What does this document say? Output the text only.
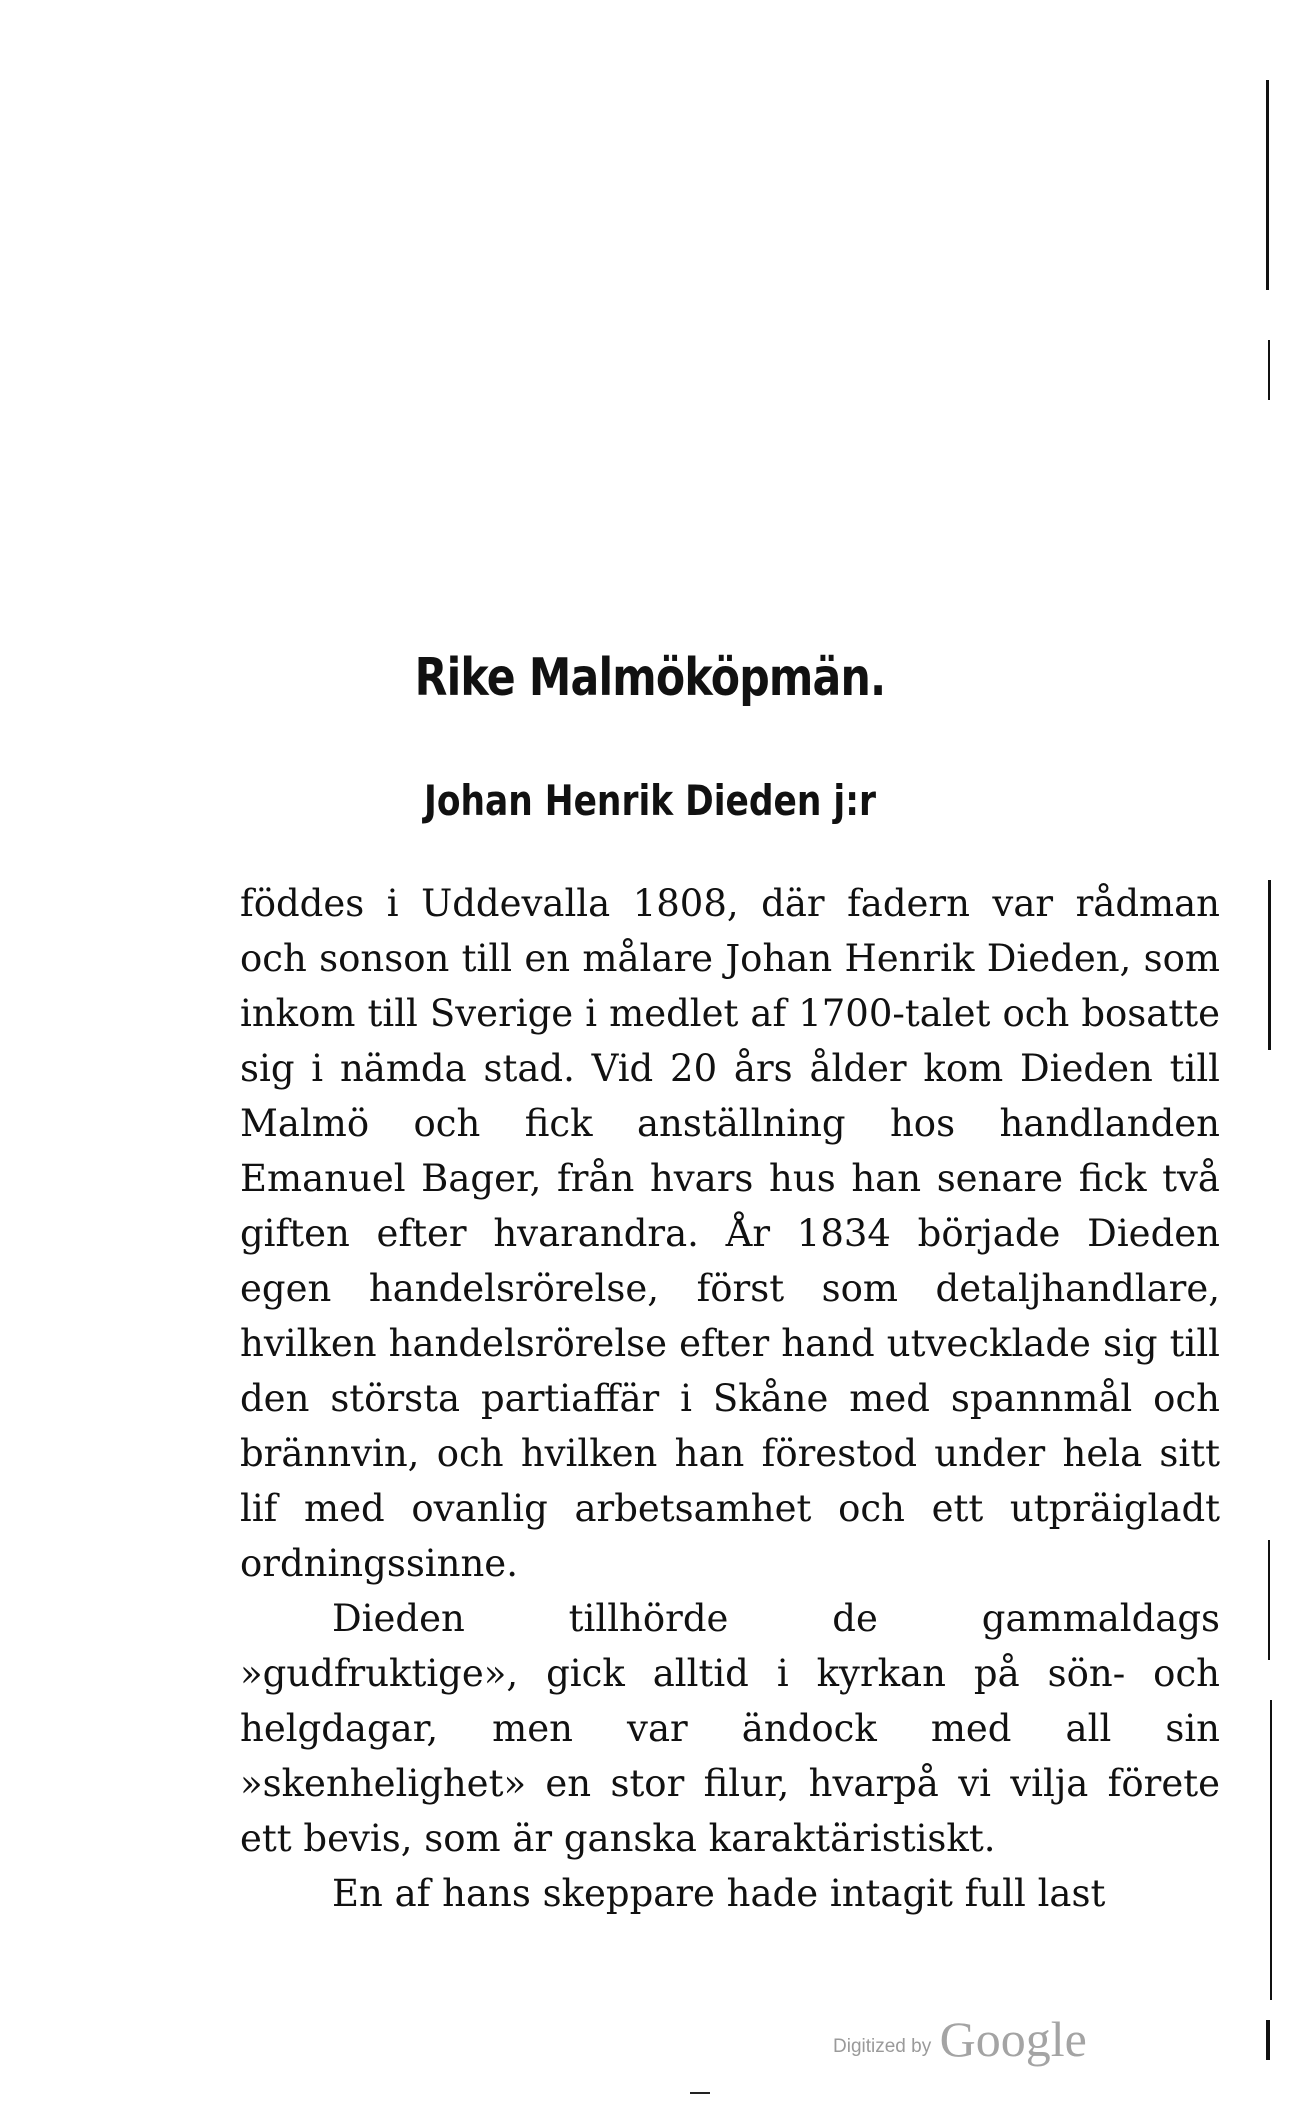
Rike Malmököpmän.
Johan Henrik Dieden j:r

föddes i Uddevalla 1808, där fadern var rådman och sonson till en målare Johan Henrik Dieden, som inkom till Sverige i medlet af 1700-talet och bosatte sig i nämda stad. Vid 20 års ålder kom Dieden till Malmö och fick anställning hos handlanden Emanuel Bager, från hvars hus han senare fick två giften efter hvarandra. År 1834 började Dieden egen handelsrörelse, först som detaljhandlare, hvilken handelsrörelse efter hand utvecklade sig till den största partiaffär i Skåne med spannmål och brännvin, och hvilken han förestod under hela sitt lif med ovanlig arbetsamhet och ett utpräigladt ordningssinne.

Dieden tillhörde de gammaldags »gudfruktige», gick alltid i kyrkan på sön- och helgdagar, men var ändock med all sin »skenhelighet» en stor filur, hvarpå vi vilja förete ett bevis, som är ganska karaktäristiskt.

En af hans skeppare hade intagit full last

Digitized by Google
